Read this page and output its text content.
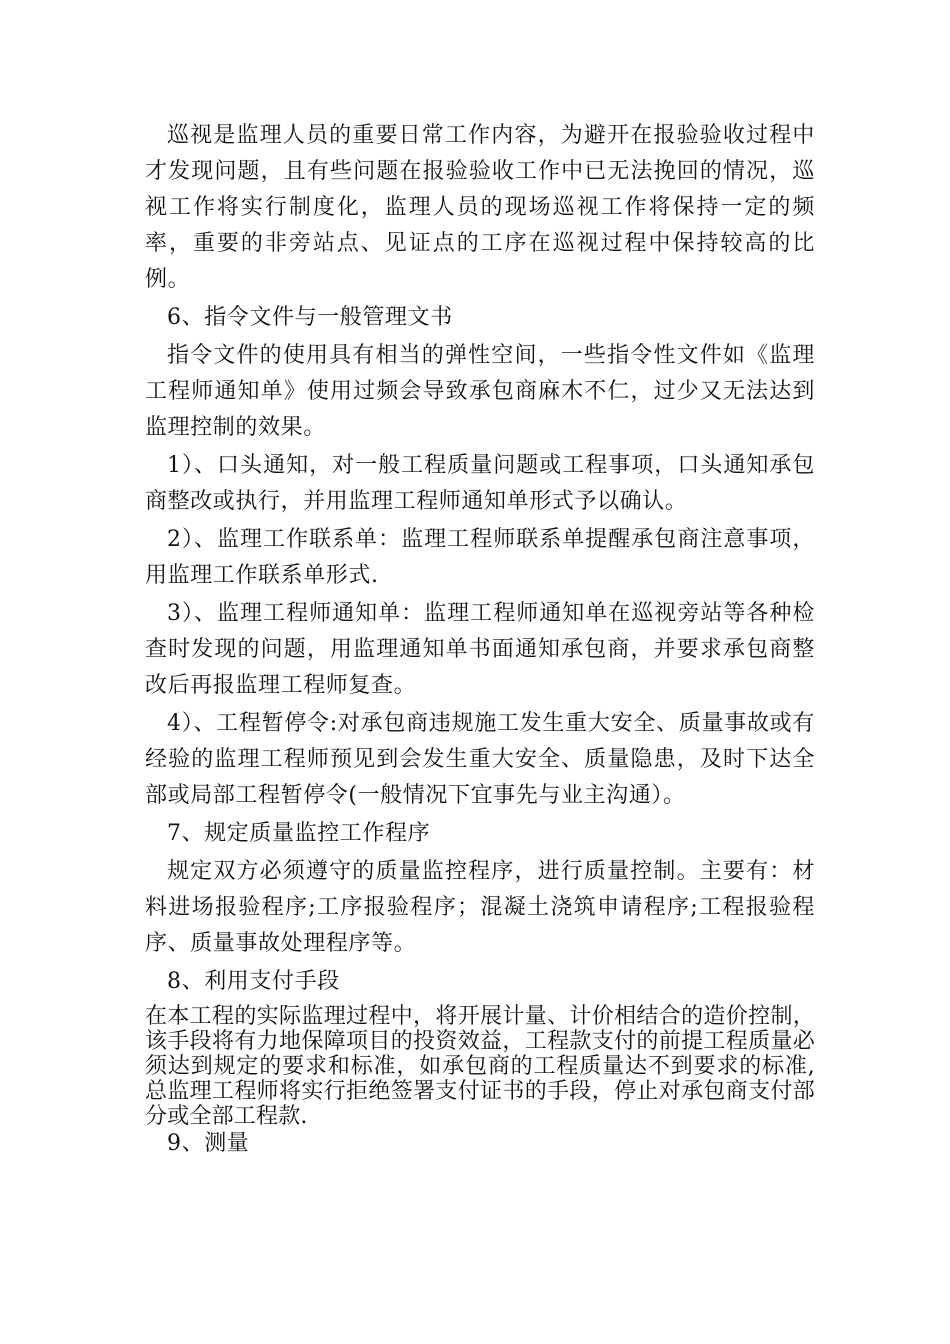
巡视是监理人员的重要日常工作内容，为避开在报验验收过程中才发现问题，且有些问题在报验验收工作中已无法挽回的情况，巡视工作将实行制度化，监理人员的现场巡视工作将保持一定的频率，重要的非旁站点、见证点的工序在巡视过程中保持较高的比例。

6、指令文件与一般管理文书

指令文件的使用具有相当的弹性空间，一些指令性文件如《监理工程师通知单》使用过频会导致承包商麻木不仁，过少又无法达到监理控制的效果。

1）、口头通知，对一般工程质量问题或工程事项，口头通知承包商整改或执行，并用监理工程师通知单形式予以确认。

2）、监理工作联系单：监理工程师联系单提醒承包商注意事项，用监理工作联系单形式.

3）、监理工程师通知单：监理工程师通知单在巡视旁站等各种检查时发现的问题，用监理通知单书面通知承包商，并要求承包商整改后再报监理工程师复查。

4）、工程暂停令:对承包商违规施工发生重大安全、质量事故或有经验的监理工程师预见到会发生重大安全、质量隐患，及时下达全部或局部工程暂停令(一般情况下宜事先与业主沟通）。

7、规定质量监控工作程序

规定双方必须遵守的质量监控程序，进行质量控制。主要有：材料进场报验程序;工序报验程序；混凝土浇筑申请程序;工程报验程序、质量事故处理程序等。

8、利用支付手段

在本工程的实际监理过程中，将开展计量、计价相结合的造价控制，该手段将有力地保障项目的投资效益，工程款支付的前提工程质量必须达到规定的要求和标准，如承包商的工程质量达不到要求的标准,总监理工程师将实行拒绝签署支付证书的手段，停止对承包商支付部分或全部工程款.

9、测量
